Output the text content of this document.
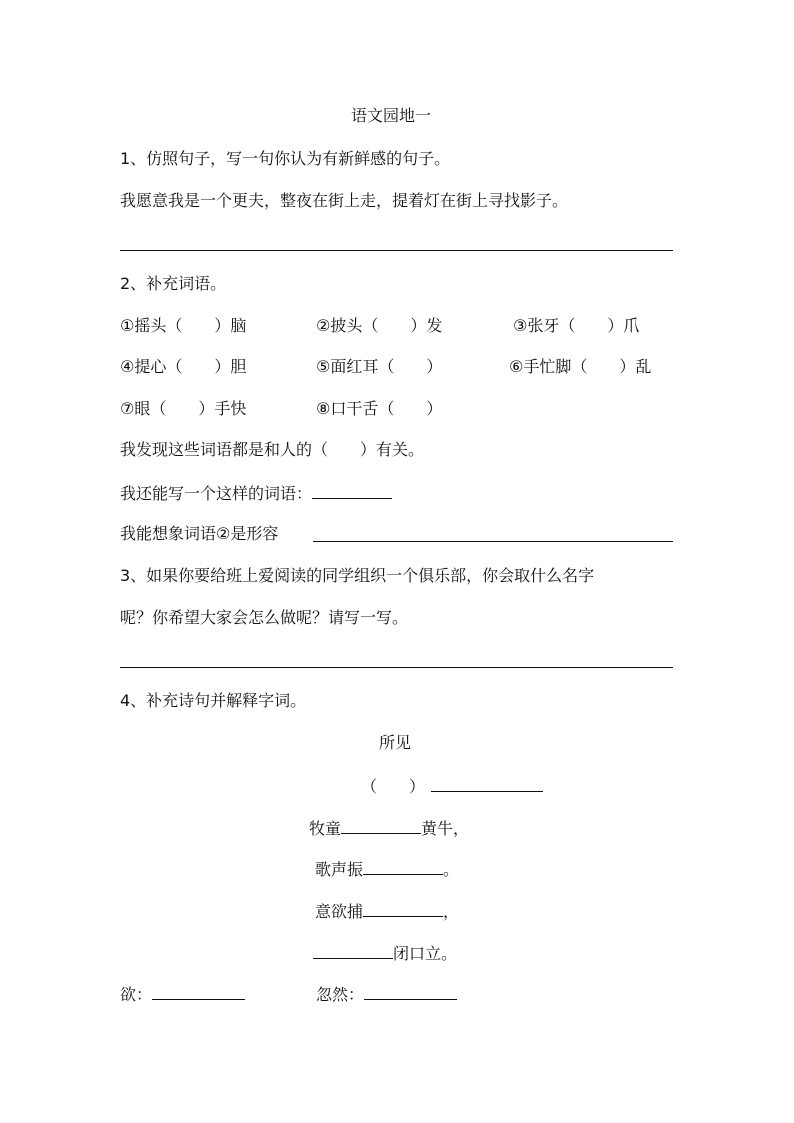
语文园地一
1、仿照句子，写一句你认为有新鲜感的句子。
我愿意我是一个更夫，整夜在街上走，提着灯在街上寻找影子。
2、补充词语。
①摇头（　　）脑	②披头（　　）发	③张牙（　　）爪
④提心（　　）胆	⑤面红耳（　　）	⑥手忙脚（　　）乱
⑦眼（　　）手快	⑧口干舌（　　）
我发现这些词语都是和人的（　　）有关。
我还能写一个这样的词语：
我能想象词语②是形容
3、如果你要给班上爱阅读的同学组织一个俱乐部，你会取什么名字
呢？你希望大家会怎么做呢？请写一写。
4、补充诗句并解释字词。
所见
（　　）
牧童	黄牛，
歌声振	。
意欲捕	，
闭口立。
欲：	忽然：
